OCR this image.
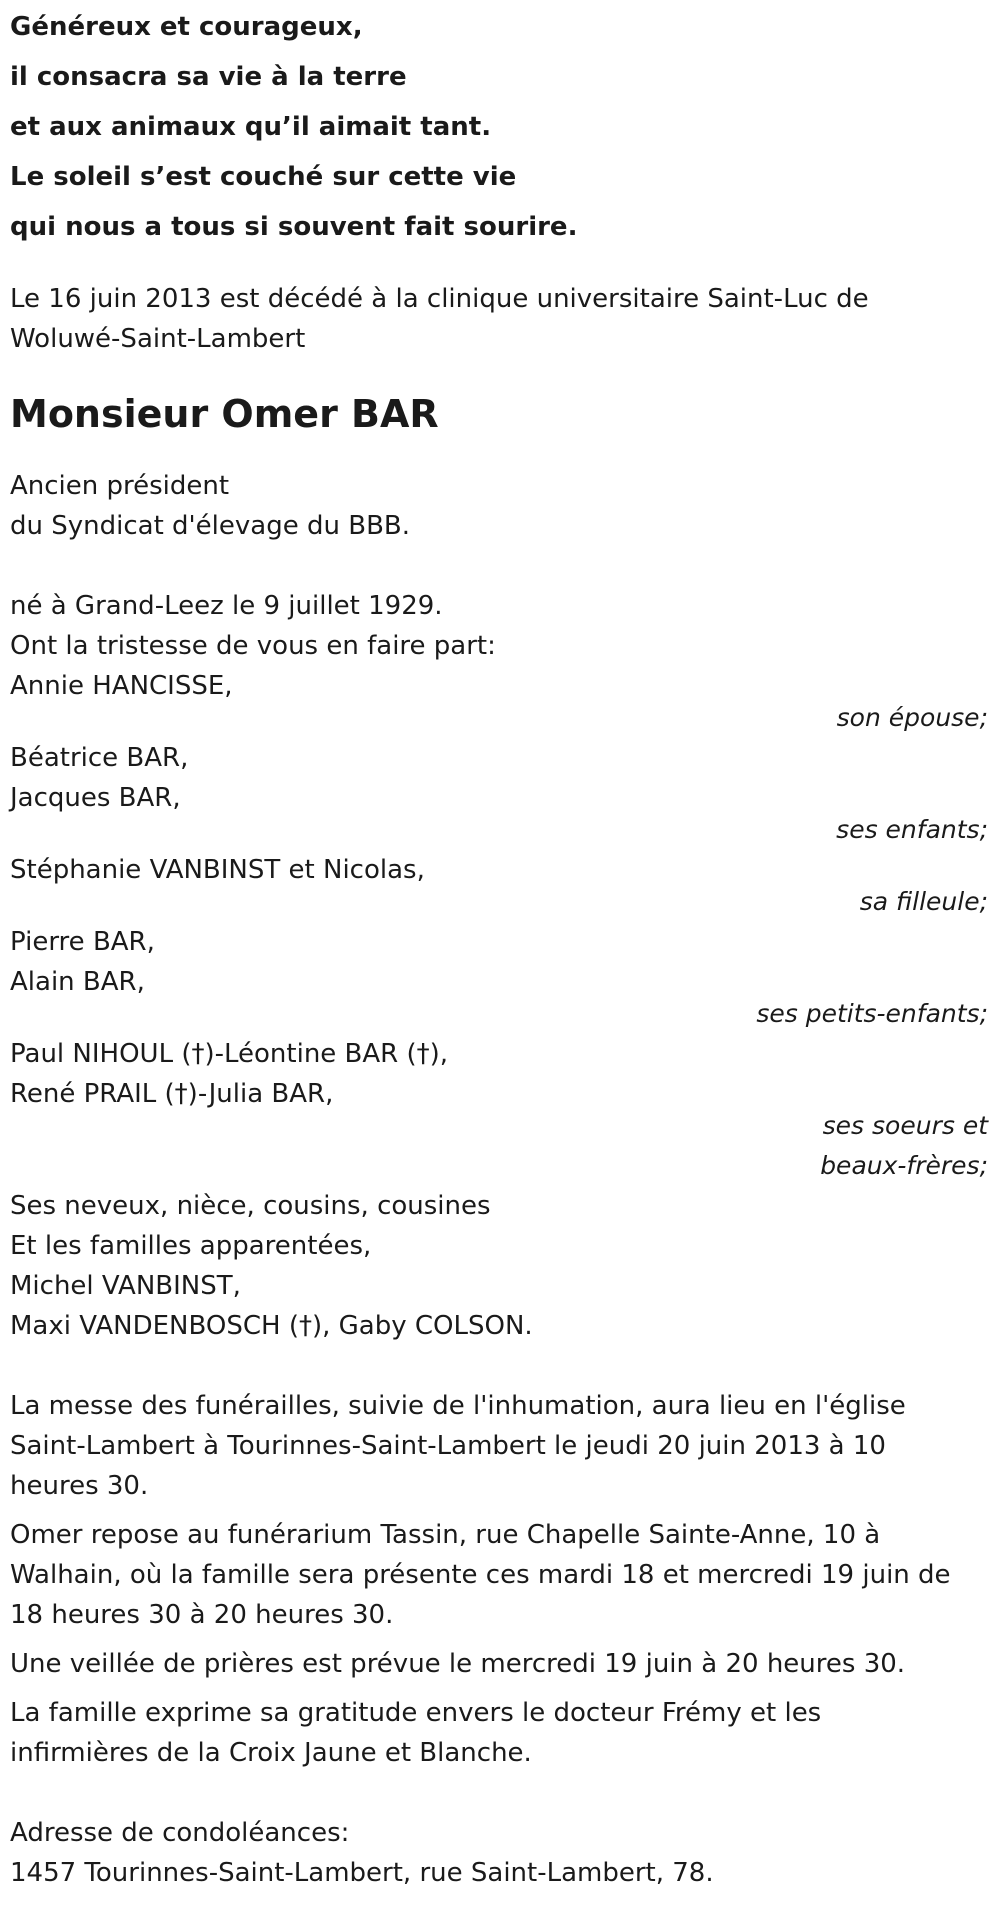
Généreux et courageux,
il consacra sa vie à la terre
et aux animaux qu’il aimait tant.
Le soleil s’est couché sur cette vie
qui nous a tous si souvent fait sourire.
Le 16 juin 2013 est décédé à la clinique universitaire Saint-Luc de
Woluwé-Saint-Lambert
Monsieur Omer BAR
Ancien président
du Syndicat d'élevage du BBB.
né à Grand-Leez le 9 juillet 1929.
Ont la tristesse de vous en faire part:
Annie HANCISSE,
son épouse;
Béatrice BAR,
Jacques BAR,
ses enfants;
Stéphanie VANBINST et Nicolas,
sa filleule;
Pierre BAR,
Alain BAR,
ses petits-enfants;
Paul NIHOUL (†)-Léontine BAR (†),
René PRAIL (†)-Julia BAR,
ses soeurs et
beaux-frères;
Ses neveux, nièce, cousins, cousines
Et les familles apparentées,
Michel VANBINST,
Maxi VANDENBOSCH (†), Gaby COLSON.
La messe des funérailles, suivie de l'inhumation, aura lieu en l'église
Saint-Lambert à Tourinnes-Saint-Lambert le jeudi 20 juin 2013 à 10
heures 30.
Omer repose au funérarium Tassin, rue Chapelle Sainte-Anne, 10 à
Walhain, où la famille sera présente ces mardi 18 et mercredi 19 juin de
18 heures 30 à 20 heures 30.
Une veillée de prières est prévue le mercredi 19 juin à 20 heures 30.
La famille exprime sa gratitude envers le docteur Frémy et les
infirmières de la Croix Jaune et Blanche.
Adresse de condoléances:
1457 Tourinnes-Saint-Lambert, rue Saint-Lambert, 78.
